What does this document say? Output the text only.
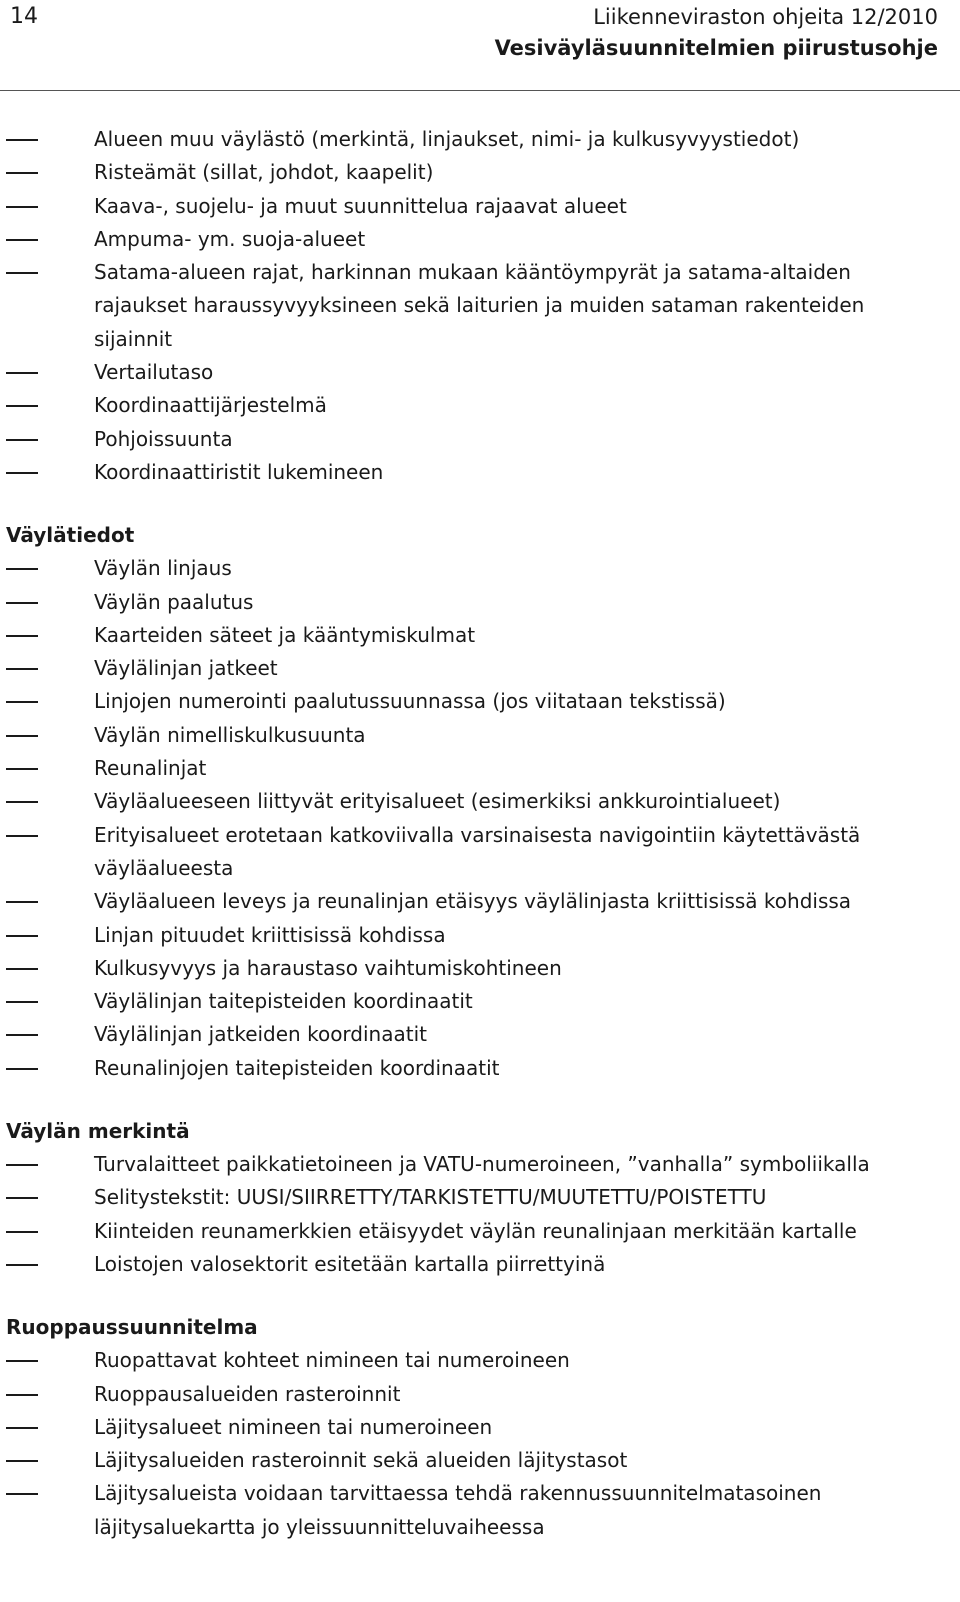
14	Liikenneviraston ohjeita 12/2010
Vesiväyläsuunnitelmien piirustusohje
Alueen muu väylästö (merkintä, linjaukset, nimi- ja kulkusyvyystiedot)
Risteämät (sillat, johdot, kaapelit)
Kaava-, suojelu- ja muut suunnittelua rajaavat alueet
Ampuma- ym. suoja-alueet
Satama-alueen rajat, harkinnan mukaan kääntöympyrät ja satama-altaiden rajaukset haraussyvyyksineen sekä laiturien ja muiden sataman rakenteiden sijainnit
Vertailutaso
Koordinaattijärjestelmä
Pohjoissuunta
Koordinaattiristit lukemineen
Väylätiedot
Väylän linjaus
Väylän paalutus
Kaarteiden säteet ja kääntymiskulmat
Väylälinjan jatkeet
Linjojen numerointi paalutussuunnassa (jos viitataan tekstissä)
Väylän nimelliskulkusuunta
Reunalinjat
Väyläalueeseen liittyvät erityisalueet (esimerkiksi ankkurointialueet)
Erityisalueet erotetaan katkoviivalla varsinaisesta navigointiin käytettävästä väyläalueesta
Väyläalueen leveys ja reunalinjan etäisyys väylälinjasta kriittisissä kohdissa
Linjan pituudet kriittisissä kohdissa
Kulkusyvyys ja haraustaso vaihtumiskohtineen
Väylälinjan taitepisteiden koordinaatit
Väylälinjan jatkeiden koordinaatit
Reunalinjojen taitepisteiden koordinaatit
Väylän merkintä
Turvalaitteet paikkatietoineen ja VATU-numeroineen, ”vanhalla” symboliikalla
Selitystekstit: UUSI/SIIRRETTY/TARKISTETTU/MUUTETTU/POISTETTU
Kiinteiden reunamerkkien etäisyydet väylän reunalinjaan merkitään kartalle
Loistojen valosektorit esitetään kartalla piirrettyinä
Ruoppaussuunnitelma
Ruopattavat kohteet nimineen tai numeroineen
Ruoppausalueiden rasteroinnit
Läjitysalueet nimineen tai numeroineen
Läjitysalueiden rasteroinnit sekä alueiden läjitystasot
Läjitysalueista voidaan tarvittaessa tehdä rakennussuunnitelmatasoinen läjitysaluekartta jo yleissuunnitteluvaiheessa
